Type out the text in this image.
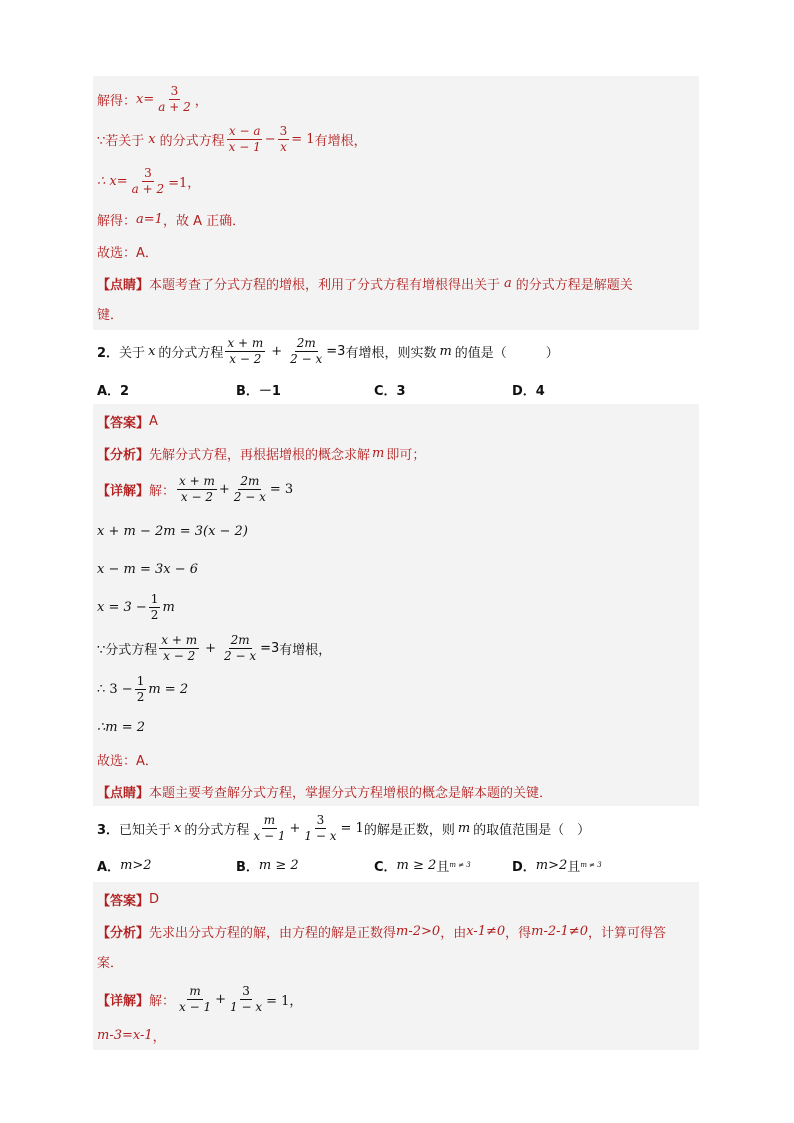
解得： $x= \frac{3}{a + 2}$ ，
∵若关于 x 的分式方程 $\frac{x - a}{x - 1} - \frac{3}{x} = 1$ 有增根，
∴ $x= \frac{3}{a + 2} =1$，
解得： a=1 ，故 A 正确．
故选：A．
【点睛】 本题考查了分式方程的增根，利用了分式方程有增根得出关于 a 的分式方程是解题关
键．
2． 关于 x 的分式方程 $\frac{x + m}{x - 2} + \frac{2m}{2 - x} =3$ 有增根，则实数 m 的值是（　　　）
A．2	B．－1	C．3	D．4
【答案】 A
【分析】 先解分式方程，再根据增根的概念求解 m 即可；
【详解】 解： $\frac{x + m}{x - 2} + \frac{2m}{2 - x} = 3$
x + m − 2m = 3(x − 2)
x − m = 3x − 6
$x = 3 - \frac{1}{2}$ m
∵分式方程 $\frac{x + m}{x - 2} + \frac{2m}{2 - x} =3$ 有增根，
∴ $3 - \frac{1}{2}$ m = 2
∴m = 2
故选：A．
【点睛】 本题主要考查解分式方程，掌握分式方程增根的概念是解本题的关键．
3． 已知关于 x 的分式方程 $\frac{m}{x - 1} + \frac{3}{1 - x} = 1$ 的解是正数，则 m 的取值范围是（　）
A． m>2	B． m ≥ 2	C． m ≥ 2 且 m ≠ 3	D． m>2 且 m ≠ 3
【答案】 D
【分析】 先求出分式方程的解，由方程的解是正数得 m-2>0 ，由 x-1≠0 ，得 m-2-1≠0 ，计算可得答
案．
【详解】 解： $\frac{m}{x - 1} + \frac{3}{1 - x} = 1$，
m-3=x-1 ，
